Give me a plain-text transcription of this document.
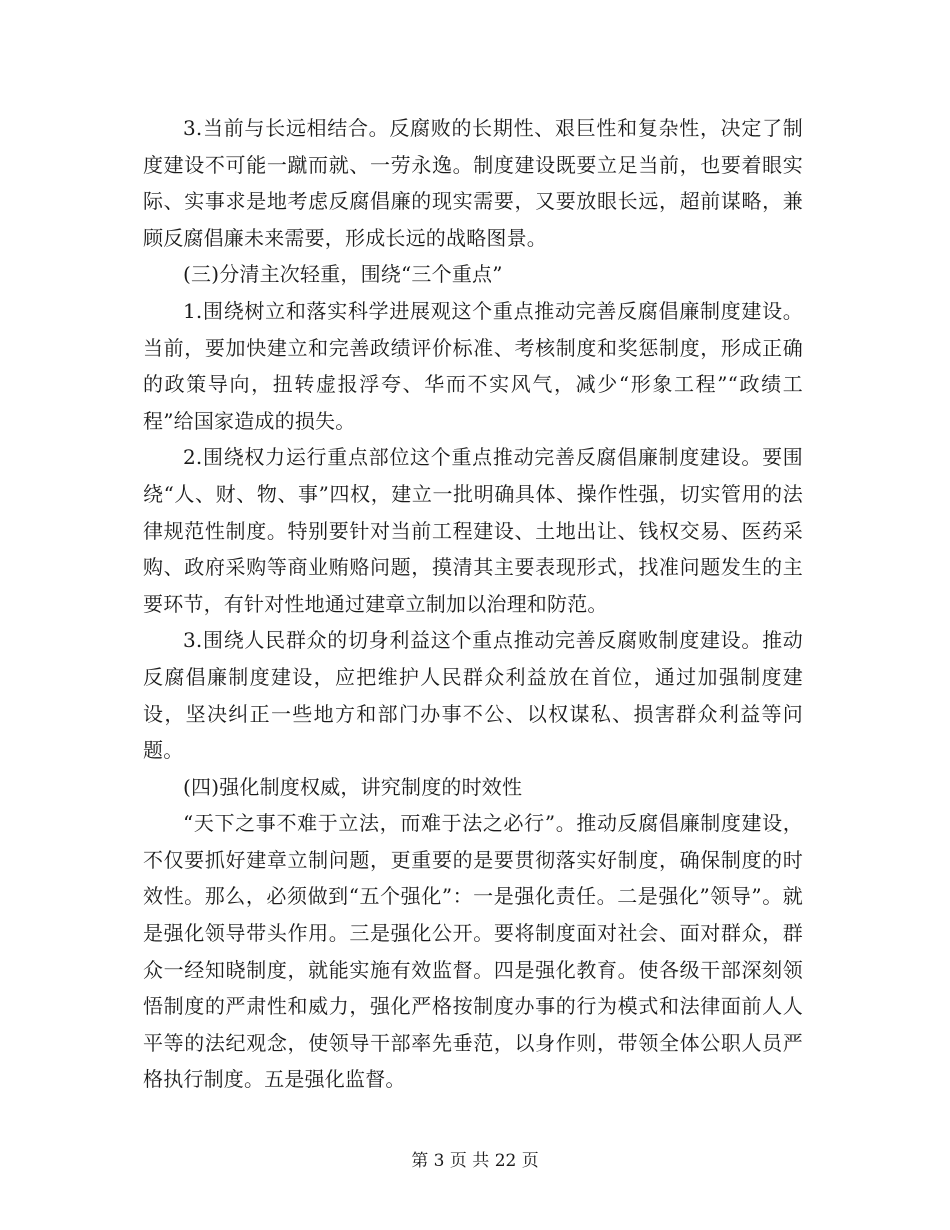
3.当前与长远相结合。反腐败的长期性、艰巨性和复杂性，决定了制度建设不可能一蹴而就、一劳永逸。制度建设既要立足当前，也要着眼实际、实事求是地考虑反腐倡廉的现实需要，又要放眼长远，超前谋略，兼顾反腐倡廉未来需要，形成长远的战略图景。

(三)分清主次轻重，围绕“三个重点”

1.围绕树立和落实科学进展观这个重点推动完善反腐倡廉制度建设。当前，要加快建立和完善政绩评价标准、考核制度和奖惩制度，形成正确的政策导向，扭转虚报浮夸、华而不实风气，减少“形象工程”“政绩工程”给国家造成的损失。

2.围绕权力运行重点部位这个重点推动完善反腐倡廉制度建设。要围绕“人、财、物、事”四权，建立一批明确具体、操作性强，切实管用的法律规范性制度。特别要针对当前工程建设、土地出让、钱权交易、医药采购、政府采购等商业贿赂问题，摸清其主要表现形式，找准问题发生的主要环节，有针对性地通过建章立制加以治理和防范。

3.围绕人民群众的切身利益这个重点推动完善反腐败制度建设。推动反腐倡廉制度建设，应把维护人民群众利益放在首位，通过加强制度建设，坚决纠正一些地方和部门办事不公、以权谋私、损害群众利益等问题。

(四)强化制度权威，讲究制度的时效性

“天下之事不难于立法，而难于法之必行”。推动反腐倡廉制度建设，不仅要抓好建章立制问题，更重要的是要贯彻落实好制度，确保制度的时效性。那么，必须做到“五个强化”：一是强化责任。二是强化”领导”。就是强化领导带头作用。三是强化公开。要将制度面对社会、面对群众，群众一经知晓制度，就能实施有效监督。四是强化教育。使各级干部深刻领悟制度的严肃性和威力，强化严格按制度办事的行为模式和法律面前人人平等的法纪观念，使领导干部率先垂范，以身作则，带领全体公职人员严格执行制度。五是强化监督。

第 3 页 共 22 页
